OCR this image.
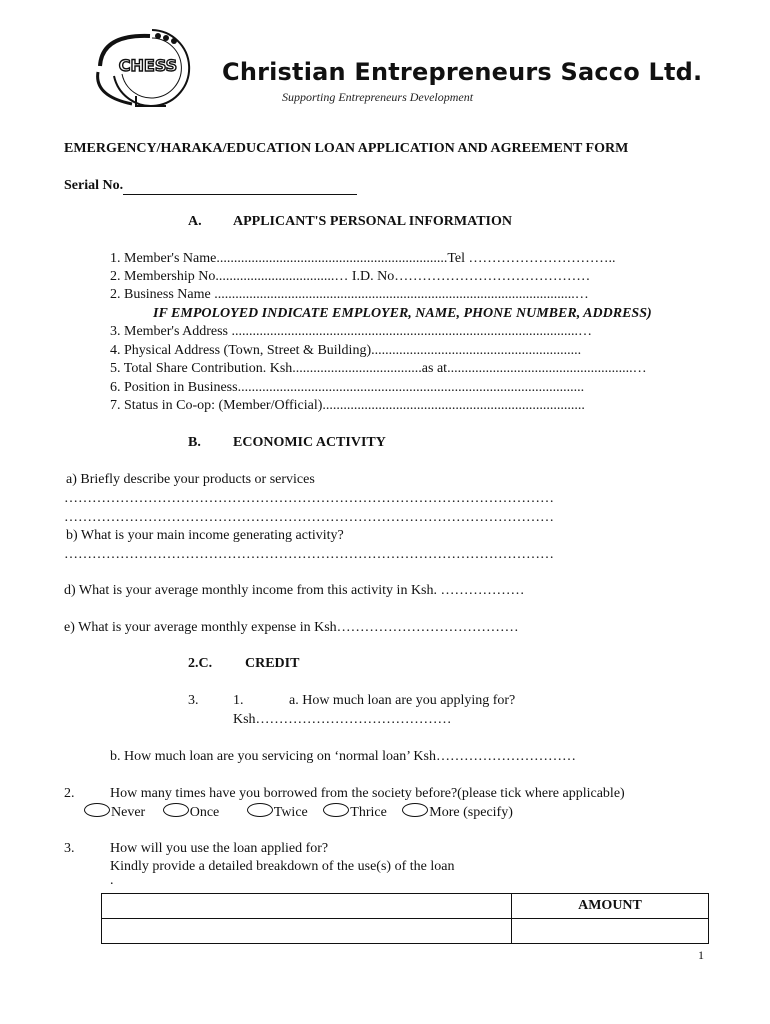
CHESS Christian Entrepreneurs Sacco Ltd.
Supporting Entrepreneurs Development
EMERGENCY/HARAKA/EDUCATION LOAN APPLICATION AND AGREEMENT FORM
Serial No.
A. APPLICANT'S PERSONAL INFORMATION
1. Member's Name..................................................................Tel …………………………..
2. Membership No..................................… I.D. No……………………………………
2. Business Name .......................................................................................................…
IF EMPOLOYED INDICATE EMPLOYER, NAME, PHONE NUMBER, ADDRESS)
3. Member's Address ...................................................................................................…
4. Physical Address (Town, Street & Building)............................................................
5. Total Share Contribution. Ksh.....................................as at.....................................................…
6. Position in Business...................................................................................................
7. Status in Co-op: (Member/Official)...........................................................................
B. ECONOMIC ACTIVITY
a) Briefly describe your products or services
……………………………………………………………………………………………
……………………………………………………………………………………………
b) What is your main income generating activity?
……………………………………………………………………………………………
d) What is your average monthly income from this activity in Ksh. ………………
e) What is your average monthly expense in Ksh…………………………………
2.C. CREDIT
3. 1.	a. How much loan are you applying for?
Ksh……………………………………
b. How much loan are you servicing on ‘normal loan’ Ksh…………………………
2.	How many times have you borrowed from the society before?(please tick where applicable)
Never	Once	Twice	Thrice	More (specify)
3.	How will you use the loan applied for?
Kindly provide a detailed breakdown of the use(s) of the loan
.
	AMOUNT

1
